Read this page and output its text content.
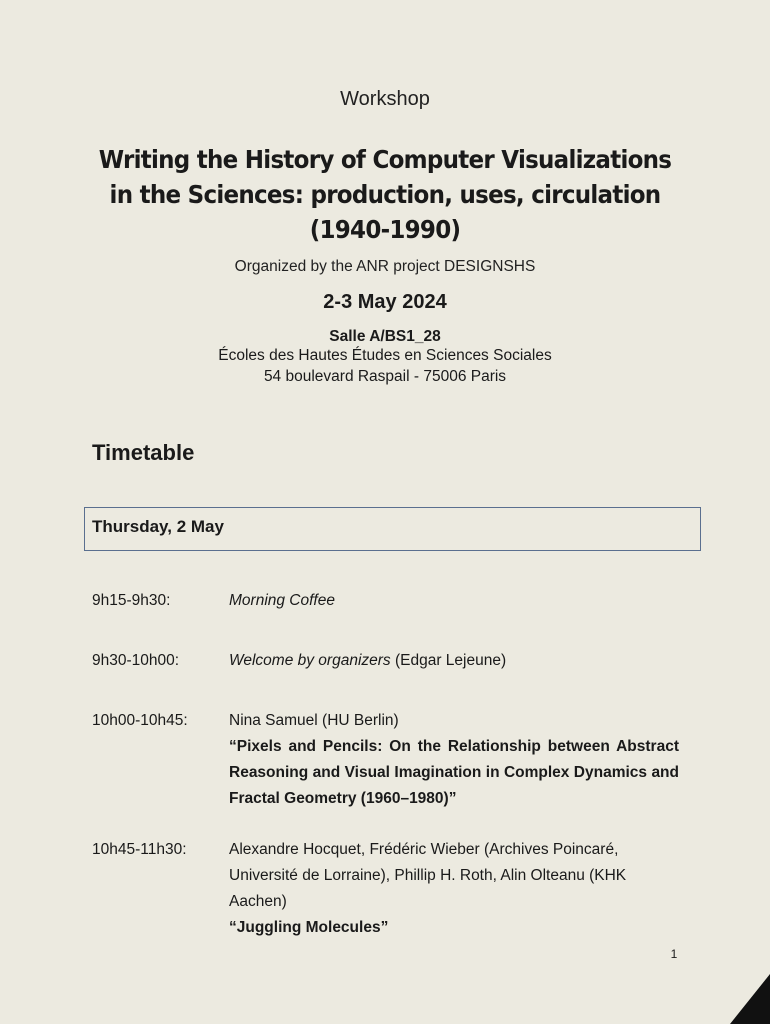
Workshop
Writing the History of Computer Visualizations in the Sciences: production, uses, circulation (1940-1990)
Organized by the ANR project DESIGNSHS
2-3 May 2024
Salle A/BS1_28
Écoles des Hautes Études en Sciences Sociales
54 boulevard Raspail - 75006 Paris
Timetable
Thursday, 2 May
9h15-9h30:	Morning Coffee
9h30-10h00:	Welcome by organizers (Edgar Lejeune)
10h00-10h45:	Nina Samuel (HU Berlin)
“Pixels and Pencils: On the Relationship between Abstract Reasoning and Visual Imagination in Complex Dynamics and Fractal Geometry (1960–1980)”
10h45-11h30:	Alexandre Hocquet, Frédéric Wieber (Archives Poincaré, Université de Lorraine), Phillip H. Roth, Alin Olteanu (KHK Aachen)
“Juggling Molecules”
1
